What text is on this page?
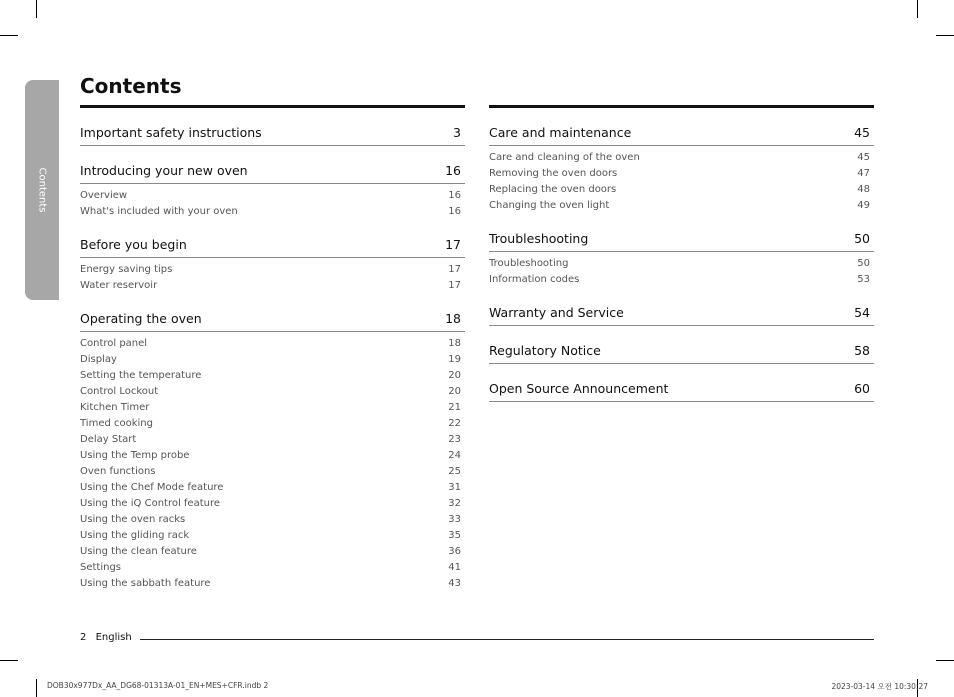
Contents
Contents
Important safety instructions	3
Introducing your new oven	16
Overview	16
What's included with your oven	16
Before you begin	17
Energy saving tips	17
Water reservoir	17
Operating the oven	18
Control panel	18
Display	19
Setting the temperature	20
Control Lockout	20
Kitchen Timer	21
Timed cooking	22
Delay Start	23
Using the Temp probe	24
Oven functions	25
Using the Chef Mode feature	31
Using the iQ Control feature	32
Using the oven racks	33
Using the gliding rack	35
Using the clean feature	36
Settings	41
Using the sabbath feature	43
Care and maintenance	45
Care and cleaning of the oven	45
Removing the oven doors	47
Replacing the oven doors	48
Changing the oven light	49
Troubleshooting	50
Troubleshooting	50
Information codes	53
Warranty and Service	54
Regulatory Notice	58
Open Source Announcement	60
2 English
DOB30x977Dx_AA_DG68-01313A-01_EN+MES+CFR.indb 2	2023-03-14 오전 10:30:27
